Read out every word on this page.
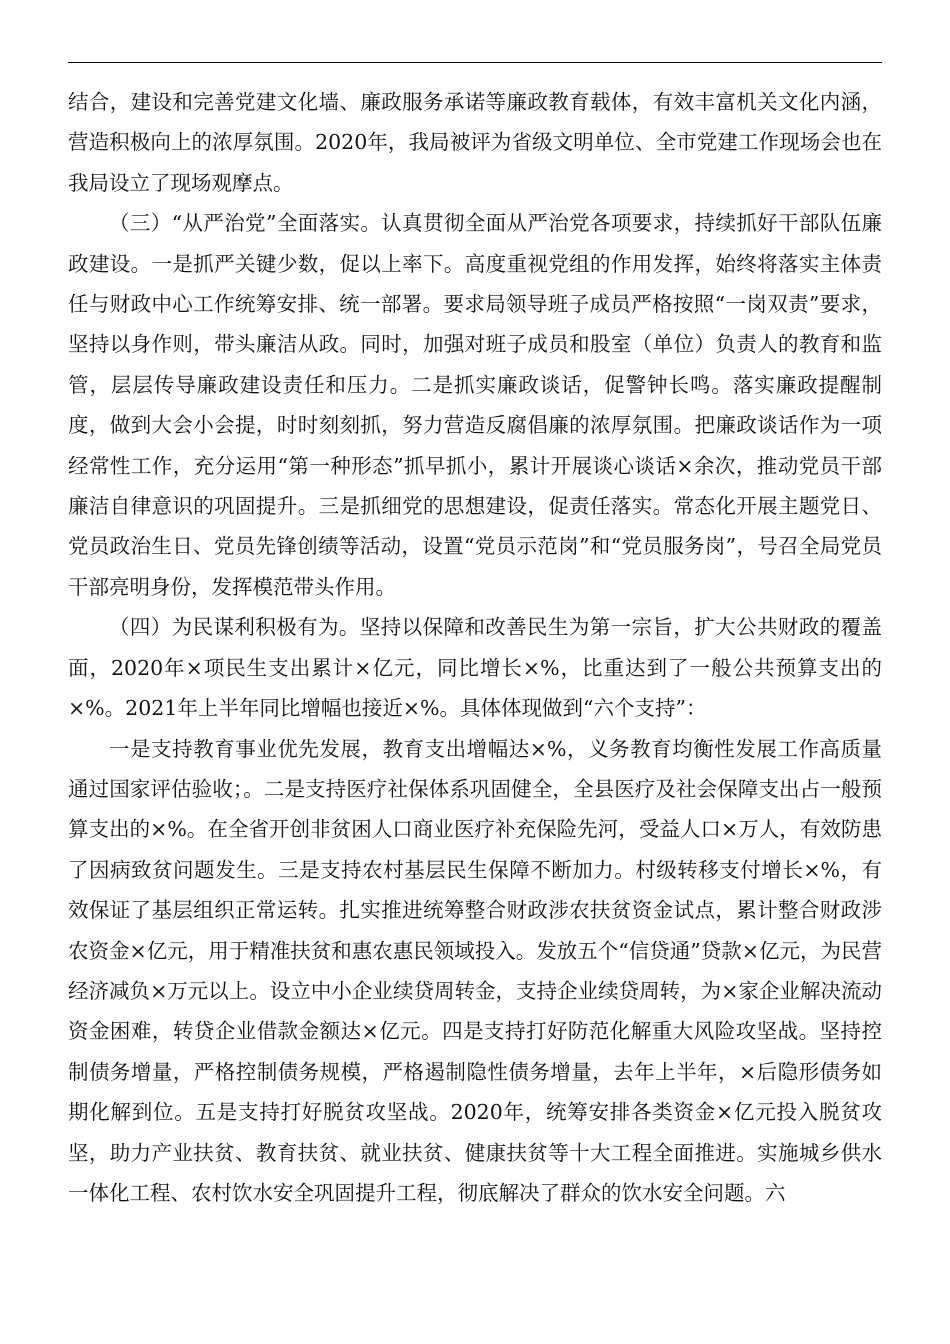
结合，建设和完善党建文化墙、廉政服务承诺等廉政教育载体，有效丰富机关文化内涵，营造积极向上的浓厚氛围。2020年，我局被评为省级文明单位、全市党建工作现场会也在我局设立了现场观摩点。

（三）“从严治党”全面落实。认真贯彻全面从严治党各项要求，持续抓好干部队伍廉政建设。一是抓严关键少数，促以上率下。高度重视党组的作用发挥，始终将落实主体责任与财政中心工作统筹安排、统一部署。要求局领导班子成员严格按照“一岗双责”要求，坚持以身作则，带头廉洁从政。同时，加强对班子成员和股室（单位）负责人的教育和监管，层层传导廉政建设责任和压力。二是抓实廉政谈话，促警钟长鸣。落实廉政提醒制度，做到大会小会提，时时刻刻抓，努力营造反腐倡廉的浓厚氛围。把廉政谈话作为一项经常性工作，充分运用“第一种形态”抓早抓小，累计开展谈心谈话×余次，推动党员干部廉洁自律意识的巩固提升。三是抓细党的思想建设，促责任落实。常态化开展主题党日、党员政治生日、党员先锋创绩等活动，设置“党员示范岗”和“党员服务岗”，号召全局党员干部亮明身份，发挥模范带头作用。

（四）为民谋利积极有为。坚持以保障和改善民生为第一宗旨，扩大公共财政的覆盖面，2020年×项民生支出累计×亿元，同比增长×%，比重达到了一般公共预算支出的×%。2021年上半年同比增幅也接近×%。具体体现做到“六个支持”：

一是支持教育事业优先发展，教育支出增幅达×%，义务教育均衡性发展工作高质量通过国家评估验收；。二是支持医疗社保体系巩固健全，全县医疗及社会保障支出占一般预算支出的×%。在全省开创非贫困人口商业医疗补充保险先河，受益人口×万人，有效防患了因病致贫问题发生。三是支持农村基层民生保障不断加力。村级转移支付增长×%，有效保证了基层组织正常运转。扎实推进统筹整合财政涉农扶贫资金试点，累计整合财政涉农资金×亿元，用于精准扶贫和惠农惠民领域投入。发放五个“信贷通”贷款×亿元，为民营经济减负×万元以上。设立中小企业续贷周转金，支持企业续贷周转，为×家企业解决流动资金困难，转贷企业借款金额达×亿元。四是支持打好防范化解重大风险攻坚战。坚持控制债务增量，严格控制债务规模，严格遏制隐性债务增量，去年上半年，×后隐形债务如期化解到位。五是支持打好脱贫攻坚战。2020年，统筹安排各类资金×亿元投入脱贫攻坚，助力产业扶贫、教育扶贫、就业扶贫、健康扶贫等十大工程全面推进。实施城乡供水一体化工程、农村饮水安全巩固提升工程，彻底解决了群众的饮水安全问题。六
